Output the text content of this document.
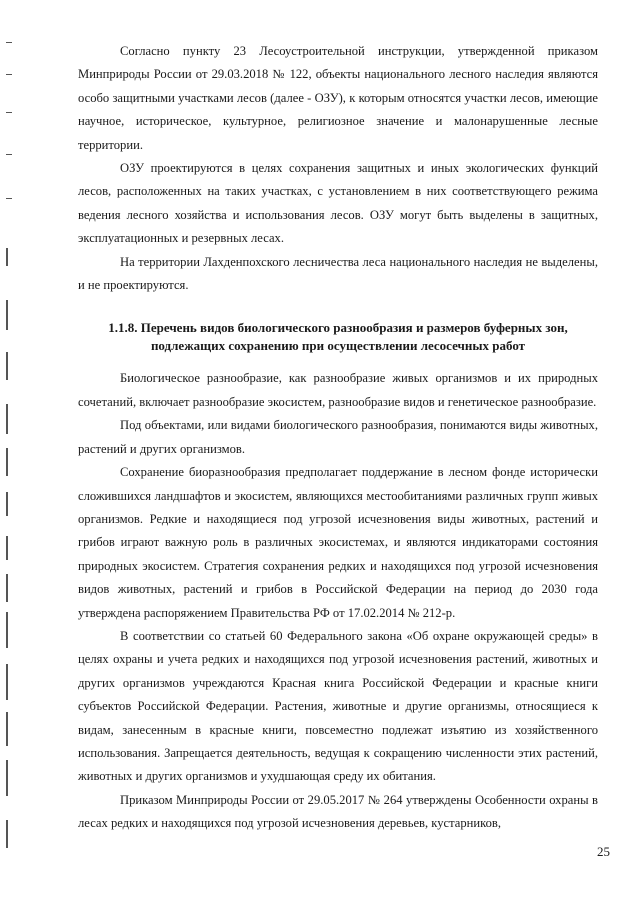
Согласно пункту 23 Лесоустроительной инструкции, утвержденной приказом Минприроды России от 29.03.2018 № 122, объекты национального лесного наследия являются особо защитными участками лесов (далее - ОЗУ), к которым относятся участки лесов, имеющие научное, историческое, культурное, религиозное значение и малонарушенные лесные территории.

ОЗУ проектируются в целях сохранения защитных и иных экологических функций лесов, расположенных на таких участках, с установлением в них соответствующего режима ведения лесного хозяйства и использования лесов. ОЗУ могут быть выделены в защитных, эксплуатационных и резервных лесах.

На территории Лахденпохского лесничества леса национального наследия не выделены, и не проектируются.

1.1.8. Перечень видов биологического разнообразия и размеров буферных зон,
подлежащих сохранению при осуществлении лесосечных работ

Биологическое разнообразие, как разнообразие живых организмов и их природных сочетаний, включает разнообразие экосистем, разнообразие видов и генетическое разнообразие.

Под объектами, или видами биологического разнообразия, понимаются виды животных, растений и других организмов.

Сохранение биоразнообразия предполагает поддержание в лесном фонде исторически сложившихся ландшафтов и экосистем, являющихся местообитаниями различных групп живых организмов. Редкие и находящиеся под угрозой исчезновения виды животных, растений и грибов играют важную роль в различных экосистемах, и являются индикаторами состояния природных экосистем. Стратегия сохранения редких и находящихся под угрозой исчезновения видов животных, растений и грибов в Российской Федерации на период до 2030 года утверждена распоряжением Правительства РФ от 17.02.2014 № 212-р.

В соответствии со статьей 60 Федерального закона «Об охране окружающей среды» в целях охраны и учета редких и находящихся под угрозой исчезновения растений, животных и других организмов учреждаются Красная книга Российской Федерации и красные книги субъектов Российской Федерации. Растения, животные и другие организмы, относящиеся к видам, занесенным в красные книги, повсеместно подлежат изъятию из хозяйственного использования. Запрещается деятельность, ведущая к сокращению численности этих растений, животных и других организмов и ухудшающая среду их обитания.

Приказом Минприроды России от 29.05.2017 № 264 утверждены Особенности охраны в лесах редких и находящихся под угрозой исчезновения деревьев, кустарников,

25
